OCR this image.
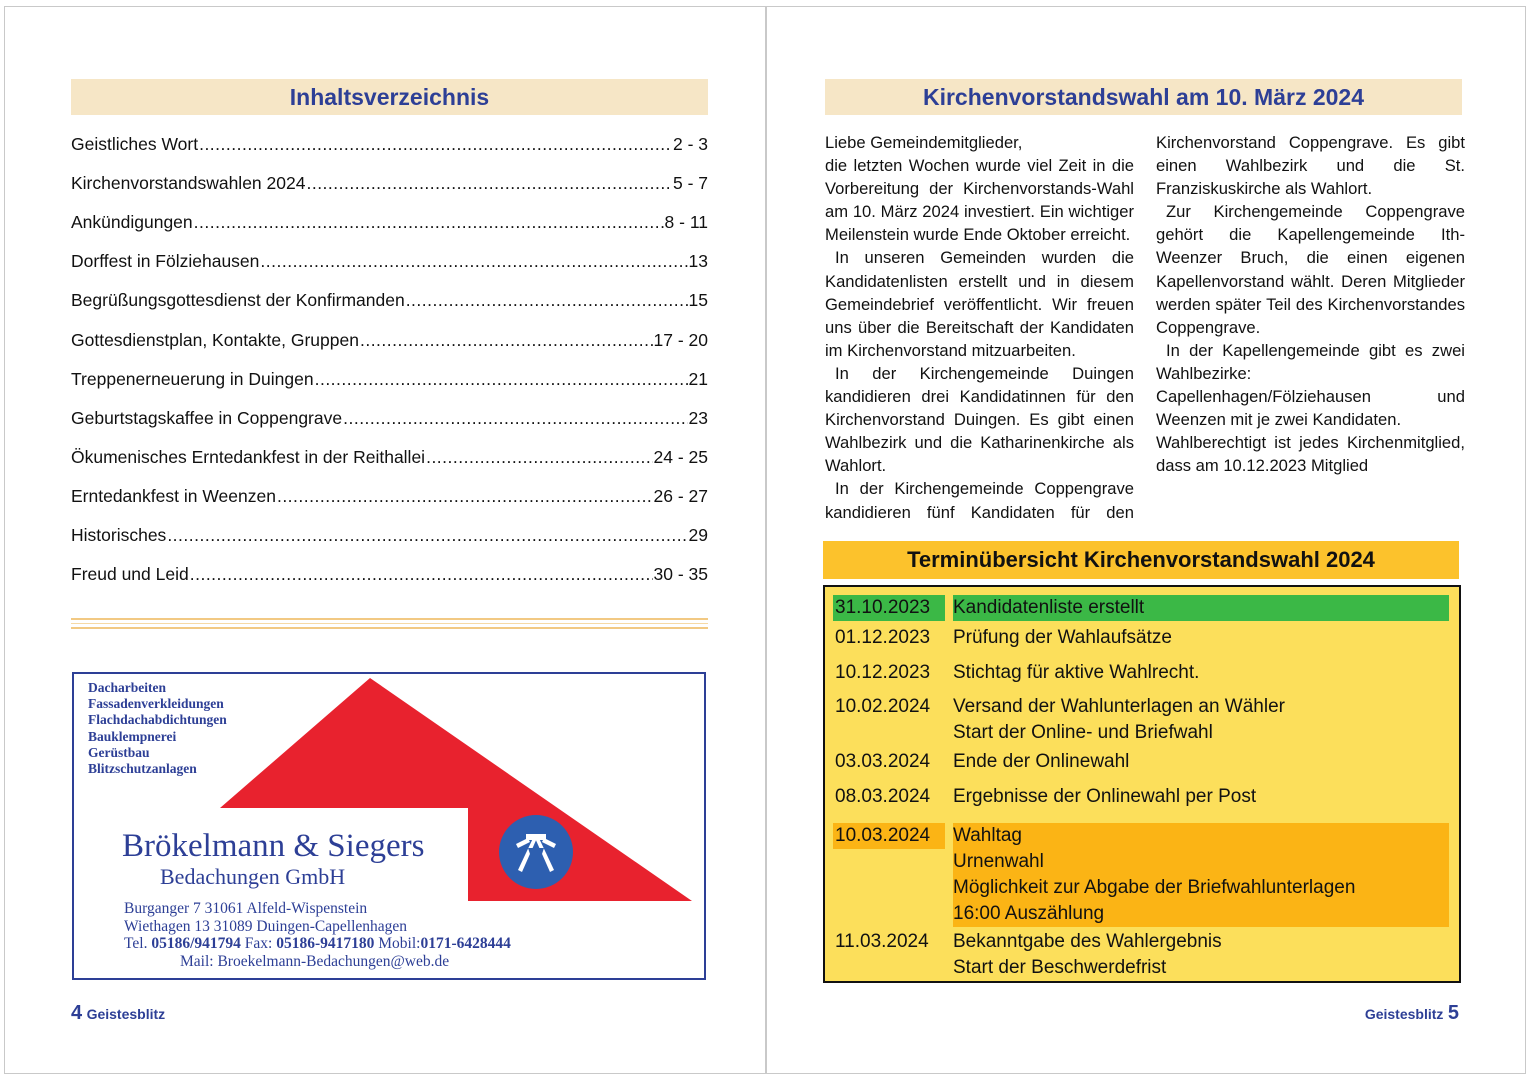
Inhaltsverzeichnis
Geistliches Wort .....	2 - 3
Kirchenvorstandswahlen 2024 .....	5 - 7
Ankündigungen .....	8 - 11
Dorffest in Fölziehausen .....	13
Begrüßungsgottesdienst der Konfirmanden .....	15
Gottesdienstplan, Kontakte, Gruppen .....	17 - 20
Treppenerneuerung in Duingen .....	21
Geburtstagskaffee in Coppengrave .....	23
Ökumenisches Erntedankfest in der Reithallei .....	24 - 25
Erntedankfest in Weenzen .....	26 - 27
Historisches .....	29
Freud und Leid .....	30 - 35
Dacharbeiten
Fassadenverkleidungen
Flachdachabdichtungen
Bauklempnerei
Gerüstbau
Blitzschutzanlagen
Brökelmann & Siegers
Bedachungen GmbH
Burganger 7 31061 Alfeld-Wispenstein
Wiethagen 13 31089 Duingen-Capellenhagen
Tel. 05186/941794 Fax: 05186-9417180 Mobil:0171-6428444
Mail: Broekelmann-Bedachungen@web.de
4 Geistesblitz
Kirchenvorstandswahl am 10. März 2024

Liebe Gemeindemitglieder,

die letzten Wochen wurde viel Zeit in die Vorbereitung der Kirchenvorstands-Wahl am 10. März 2024 investiert. Ein wichtiger Meilenstein wurde Ende Oktober erreicht.

In unseren Gemeinden wurden die Kandidatenlisten erstellt und in diesem Gemeindebrief veröffentlicht. Wir freuen uns über die Bereitschaft der Kandidaten im Kirchenvorstand mitzuarbeiten.

In der Kirchengemeinde Duingen kandidieren drei Kandidatinnen für den Kirchenvorstand Duingen. Es gibt einen Wahlbezirk und die Katharinenkirche als Wahlort.

In der Kirchengemeinde Coppengrave kandidieren fünf Kandidaten für den Kirchenvorstand Coppengrave. Es gibt einen Wahlbezirk und die St. Franziskuskirche als Wahlort.

Zur Kirchengemeinde Coppengrave gehört die Kapellengemeinde Ith-Weenzer Bruch, die einen eigenen Kapellenvorstand wählt. Deren Mitglieder werden später Teil des Kirchenvorstandes Coppengrave.

In der Kapellengemeinde gibt es zwei Wahlbezirke:

Capellenhagen/Fölziehausen und Weenzen mit je zwei Kandidaten.

Wahlberechtigt ist jedes Kirchenmitglied, dass am 10.12.2023 Mitglied

Terminübersicht Kirchenvorstandswahl 2024
31.10.2023	Kandidatenliste erstellt
01.12.2023	Prüfung der Wahlaufsätze
10.12.2023	Stichtag für aktive Wahlrecht.
10.02.2024	Versand der Wahlunterlagen an Wähler
Start der Online- und Briefwahl
03.03.2024	Ende der Onlinewahl
08.03.2024	Ergebnisse der Onlinewahl per Post
10.03.2024	Wahltag
Urnenwahl
Möglichkeit zur Abgabe der Briefwahlunterlagen
16:00 Auszählung
11.03.2024	Bekanntgabe des Wahlergebnis
Start der Beschwerdefrist
Geistesblitz 5
